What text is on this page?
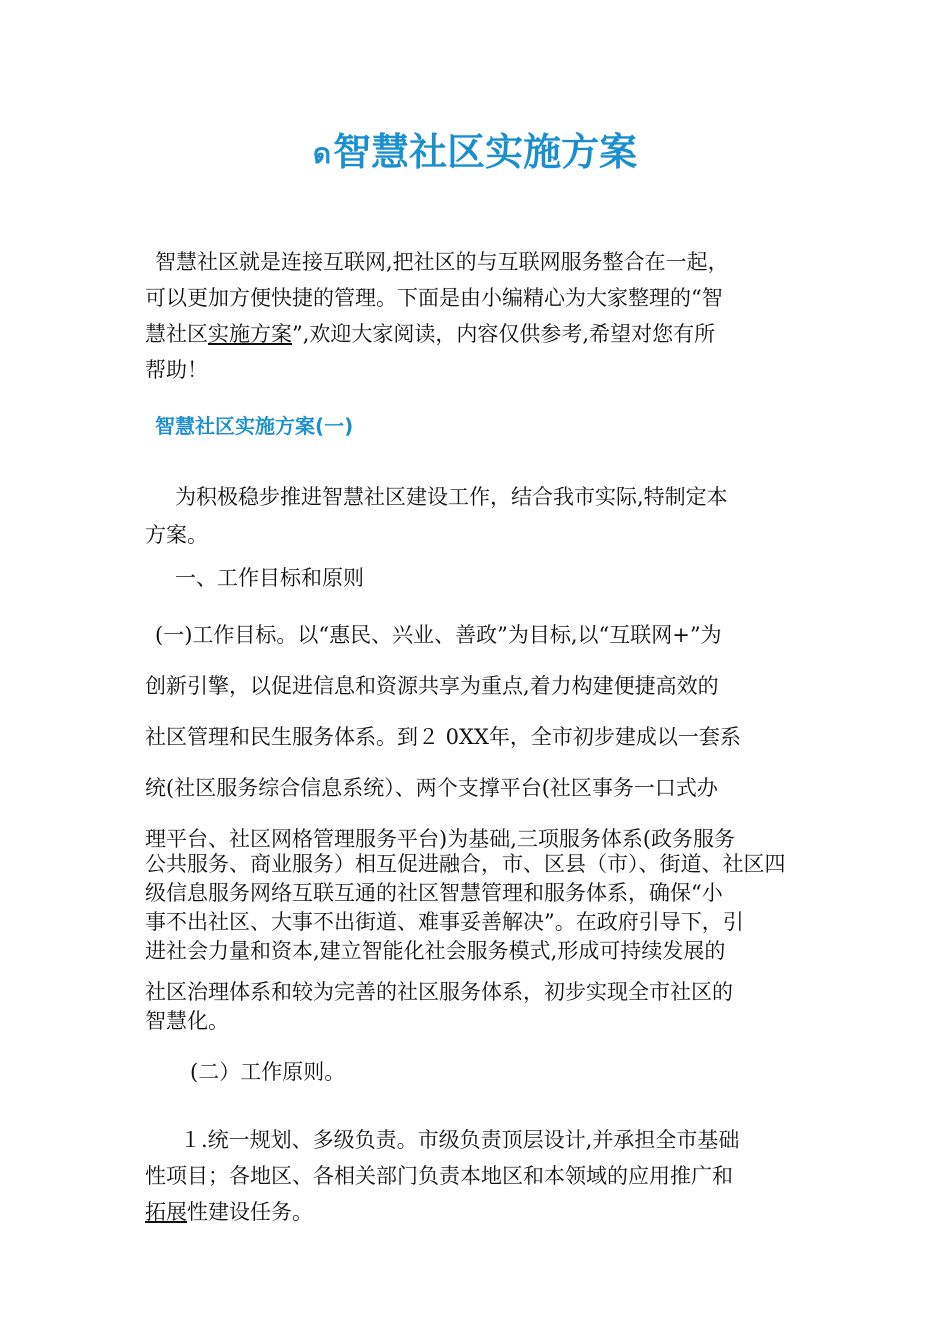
ด智慧社区实施方案
智慧社区就是连接互联网,把社区的与互联网服务整合在一起，
可以更加方便快捷的管理。下面是由小编精心为大家整理的“智
慧社区实施方案”,欢迎大家阅读，内容仅供参考,希望对您有所
帮助！
智慧社区实施方案(一)
为积极稳步推进智慧社区建设工作，结合我市实际,特制定本
方案。
一、工作目标和原则
(一)工作目标。以“惠民、兴业、善政”为目标,以“互联网+”为
创新引擎，以促进信息和资源共享为重点,着力构建便捷高效的
社区管理和民生服务体系。到２ 0XX年，全市初步建成以一套系
统(社区服务综合信息系统）、两个支撑平台(社区事务一口式办
理平台、社区网格管理服务平台)为基础,三项服务体系(政务服务
公共服务、商业服务）相互促进融合，市、区县（市）、街道、社区四
级信息服务网络互联互通的社区智慧管理和服务体系，确保“小
事不出社区、大事不出街道、难事妥善解决”。在政府引导下，引
进社会力量和资本,建立智能化社会服务模式,形成可持续发展的
社区治理体系和较为完善的社区服务体系，初步实现全市社区的
智慧化。
(二）工作原则。
１.统一规划、多级负责。市级负责顶层设计,并承担全市基础
性项目；各地区、各相关部门负责本地区和本领域的应用推广和
拓展性建设任务。
